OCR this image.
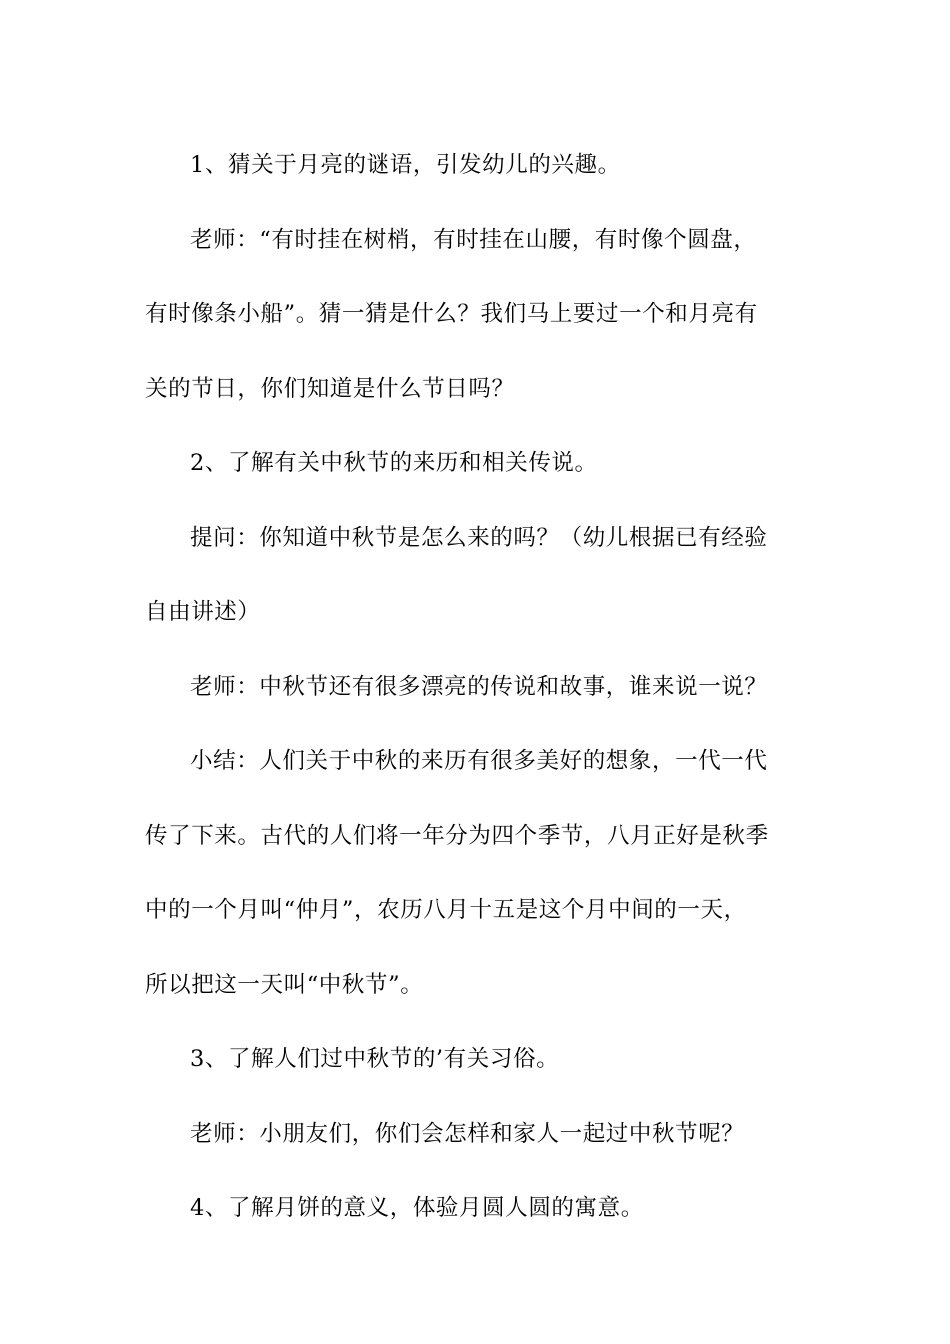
1、猜关于月亮的谜语，引发幼儿的兴趣。

老师：“有时挂在树梢，有时挂在山腰，有时像个圆盘，
有时像条小船”。猜一猜是什么？我们马上要过一个和月亮有
关的节日，你们知道是什么节日吗？

2、了解有关中秋节的来历和相关传说。

提问：你知道中秋节是怎么来的吗？（幼儿根据已有经验
自由讲述）

老师：中秋节还有很多漂亮的传说和故事，谁来说一说？

小结：人们关于中秋的来历有很多美好的想象，一代一代
传了下来。古代的人们将一年分为四个季节，八月正好是秋季
中的一个月叫“仲月”，农历八月十五是这个月中间的一天，
所以把这一天叫“中秋节”。

3、了解人们过中秋节的’有关习俗。

老师：小朋友们，你们会怎样和家人一起过中秋节呢？

4、了解月饼的意义，体验月圆人圆的寓意。
